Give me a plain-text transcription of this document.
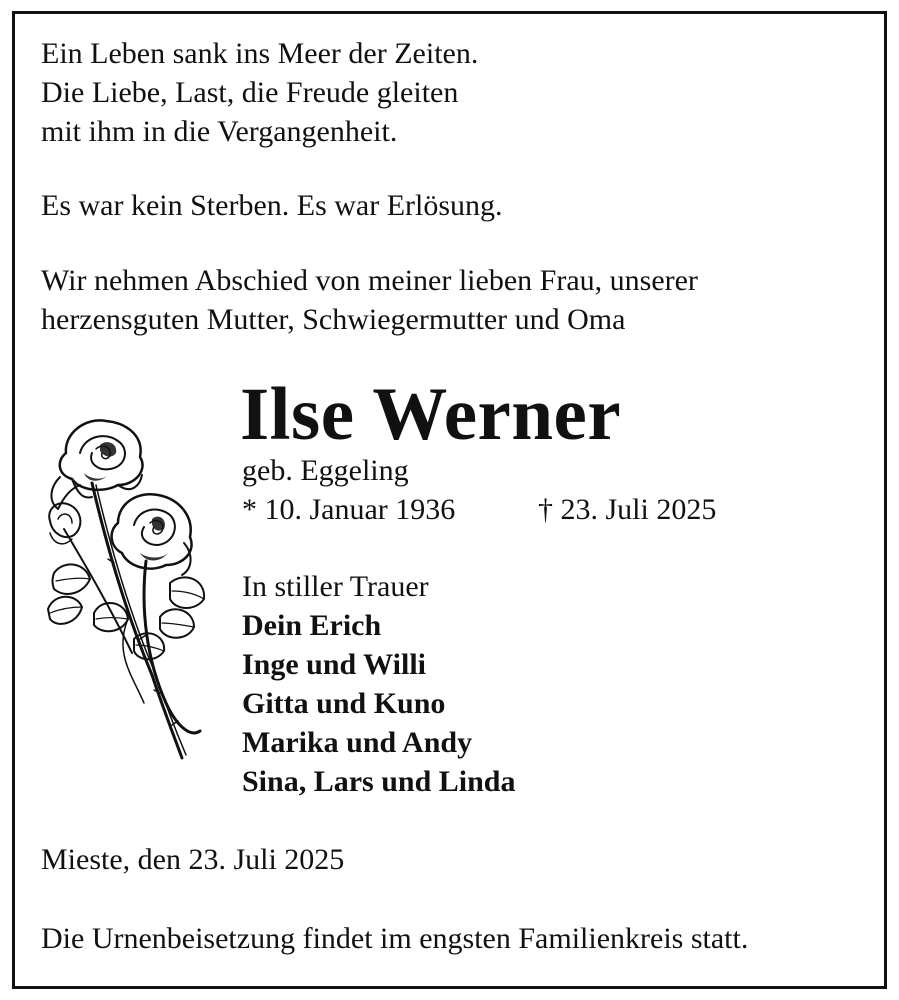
Ein Leben sank ins Meer der Zeiten.
Die Liebe, Last, die Freude gleiten
mit ihm in die Vergangenheit.
Es war kein Sterben. Es war Erlösung.
Wir nehmen Abschied von meiner lieben Frau, unserer
herzensguten Mutter, Schwiegermutter und Oma
Ilse Werner
geb. Eggeling
* 10. Januar 1936	† 23. Juli 2025
In stiller Trauer
Dein Erich
Inge und Willi
Gitta und Kuno
Marika und Andy
Sina, Lars und Linda
Mieste, den 23. Juli 2025
Die Urnenbeisetzung findet im engsten Familienkreis statt.
